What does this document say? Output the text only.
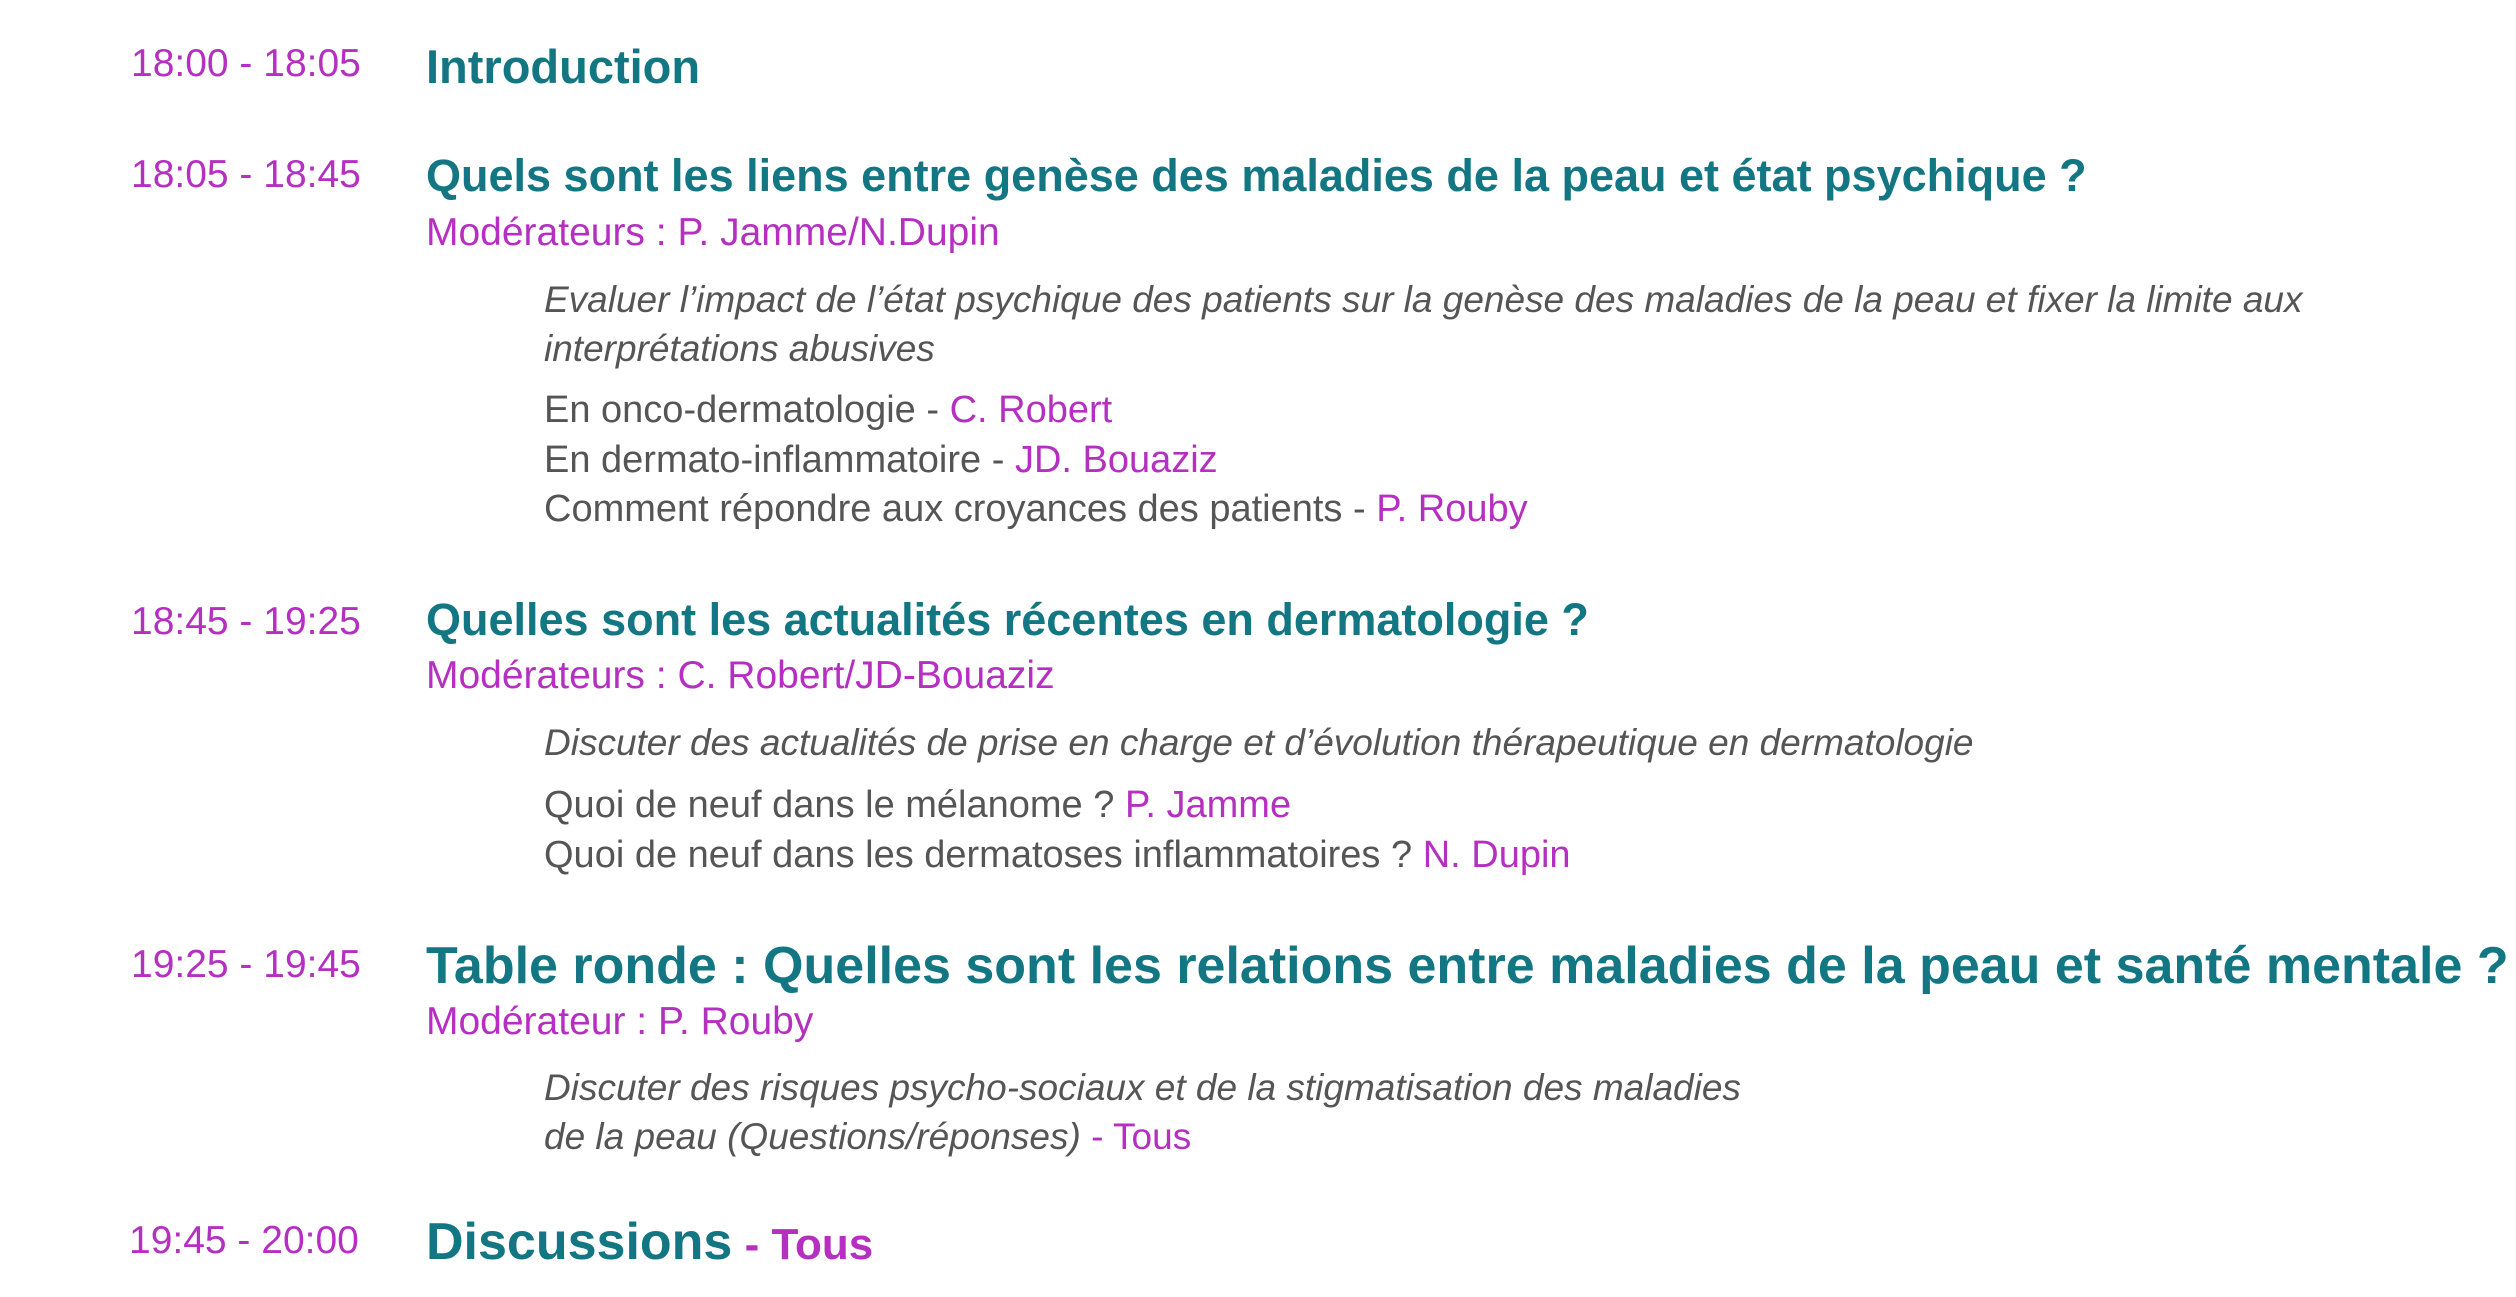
18:00 - 18:05 Introduction
18:05 - 18:45 Quels sont les liens entre genèse des maladies de la peau et état psychique ?
Modérateurs : P. Jamme/N.Dupin
Evaluer l’impact de l’état psychique des patients sur la genèse des maladies de la peau et fixer la limite aux
interprétations abusives
En onco-dermatologie - C. Robert
En dermato-inflammatoire - JD. Bouaziz
Comment répondre aux croyances des patients - P. Rouby
18:45 - 19:25 Quelles sont les actualités récentes en dermatologie ?
Modérateurs : C. Robert/JD-Bouaziz
Discuter des actualités de prise en charge et d’évolution thérapeutique en dermatologie
Quoi de neuf dans le mélanome ? P. Jamme
Quoi de neuf dans les dermatoses inflammatoires ? N. Dupin
19:25 - 19:45 Table ronde : Quelles sont les relations entre maladies de la peau et santé mentale ?
Modérateur : P. Rouby
Discuter des risques psycho-sociaux et de la stigmatisation des maladies
de la peau (Questions/réponses) - Tous
19:45 - 20:00 Discussions - Tous
